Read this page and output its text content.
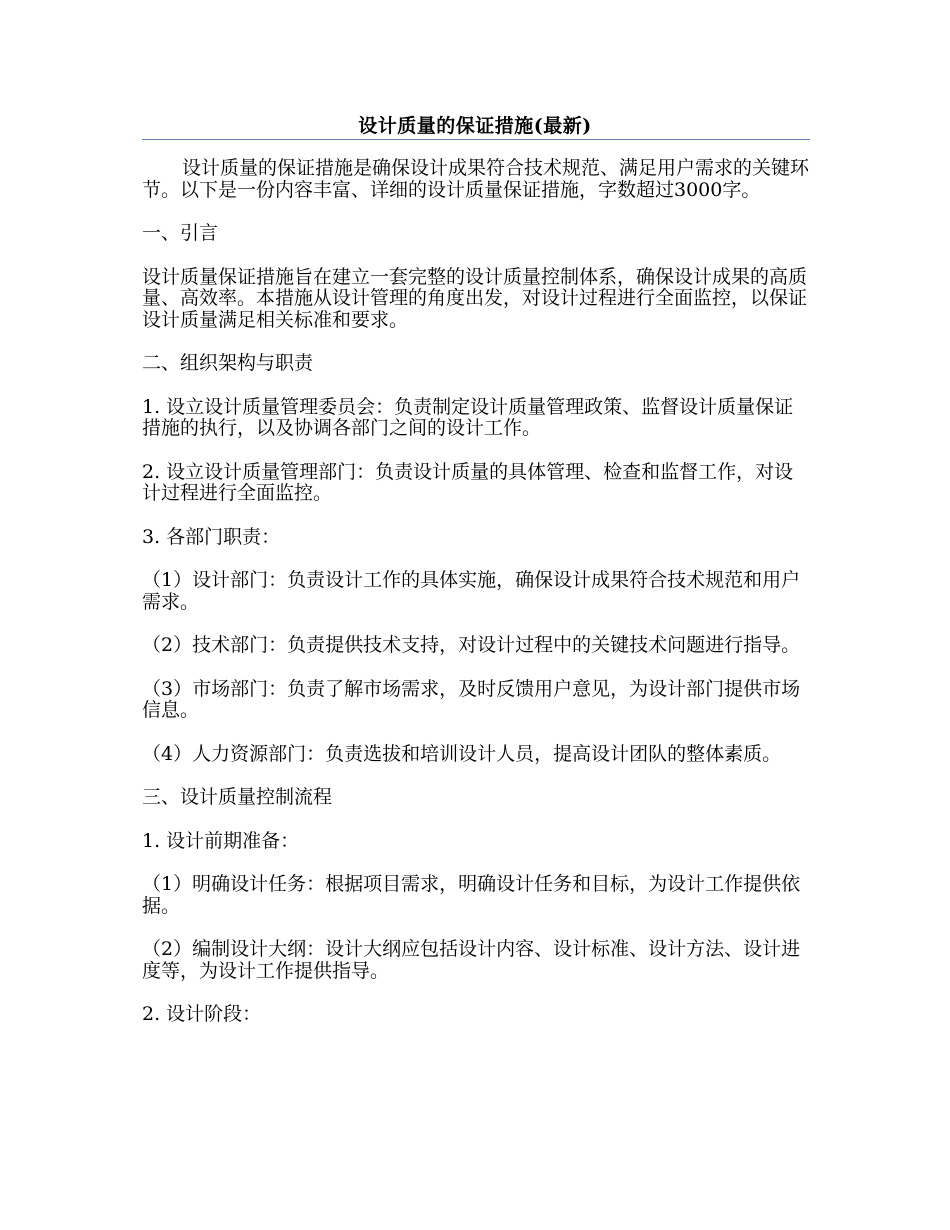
设计质量的保证措施(最新)

设计质量的保证措施是确保设计成果符合技术规范、满足用户需求的关键环节。以下是一份内容丰富、详细的设计质量保证措施，字数超过3000字。

一、引言

设计质量保证措施旨在建立一套完整的设计质量控制体系，确保设计成果的高质量、高效率。本措施从设计管理的角度出发，对设计过程进行全面监控，以保证设计质量满足相关标准和要求。

二、组织架构与职责

1. 设立设计质量管理委员会：负责制定设计质量管理政策、监督设计质量保证措施的执行，以及协调各部门之间的设计工作。

2. 设立设计质量管理部门：负责设计质量的具体管理、检查和监督工作，对设计过程进行全面监控。

3. 各部门职责：

（1）设计部门：负责设计工作的具体实施，确保设计成果符合技术规范和用户需求。

（2）技术部门：负责提供技术支持，对设计过程中的关键技术问题进行指导。

（3）市场部门：负责了解市场需求，及时反馈用户意见，为设计部门提供市场信息。

（4）人力资源部门：负责选拔和培训设计人员，提高设计团队的整体素质。

三、设计质量控制流程

1. 设计前期准备：

（1）明确设计任务：根据项目需求，明确设计任务和目标，为设计工作提供依据。

（2）编制设计大纲：设计大纲应包括设计内容、设计标准、设计方法、设计进度等，为设计工作提供指导。

2. 设计阶段：
